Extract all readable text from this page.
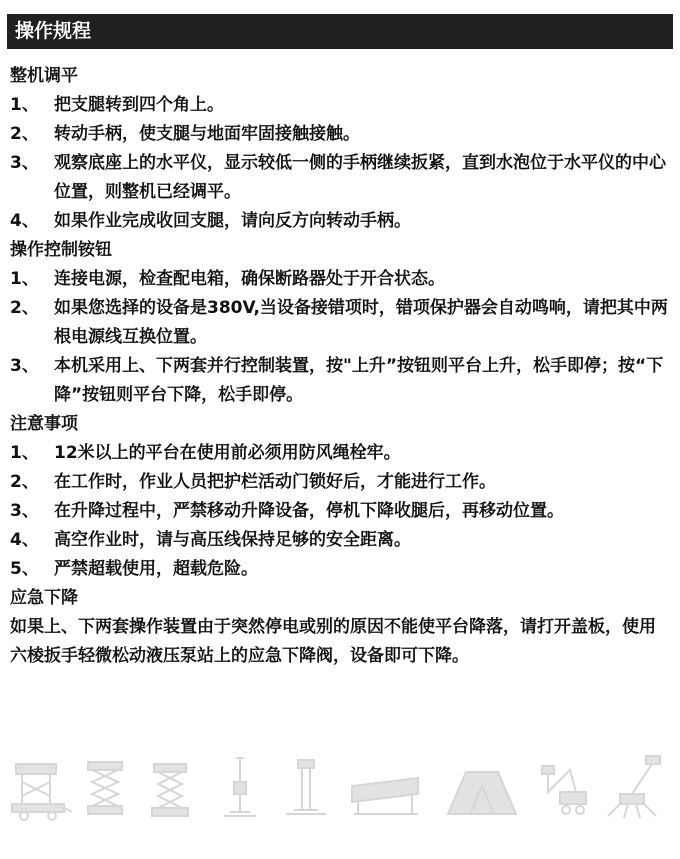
操作规程
整机调平
1、 把支腿转到四个角上。
2、 转动手柄，使支腿与地面牢固接触接触。
3、 观察底座上的水平仪，显示较低一侧的手柄继续扳紧，直到水泡位于水平仪的中心位置，则整机已经调平。
4、 如果作业完成收回支腿，请向反方向转动手柄。
操作控制铵钮
1、 连接电源，检查配电箱，确保断路器处于开合状态。
2、 如果您选择的设备是380V,当设备接错项时，错项保护器会自动鸣响，请把其中两根电源线互换位置。
3、 本机采用上、下两套并行控制装置，按"上升”按钮则平台上升，松手即停；按“下降”按钮则平台下降，松手即停。
注意事项
1、 12米以上的平台在使用前必须用防风绳栓牢。
2、 在工作时，作业人员把护栏活动门锁好后，才能进行工作。
3、 在升降过程中，严禁移动升降设备，停机下降收腿后，再移动位置。
4、 高空作业时，请与高压线保持足够的安全距离。
5、 严禁超载使用，超载危险。
应急下降
如果上、下两套操作装置由于突然停电或别的原因不能使平台降落，请打开盖板，使用六棱扳手轻微松动液压泵站上的应急下降阀，设备即可下降。
